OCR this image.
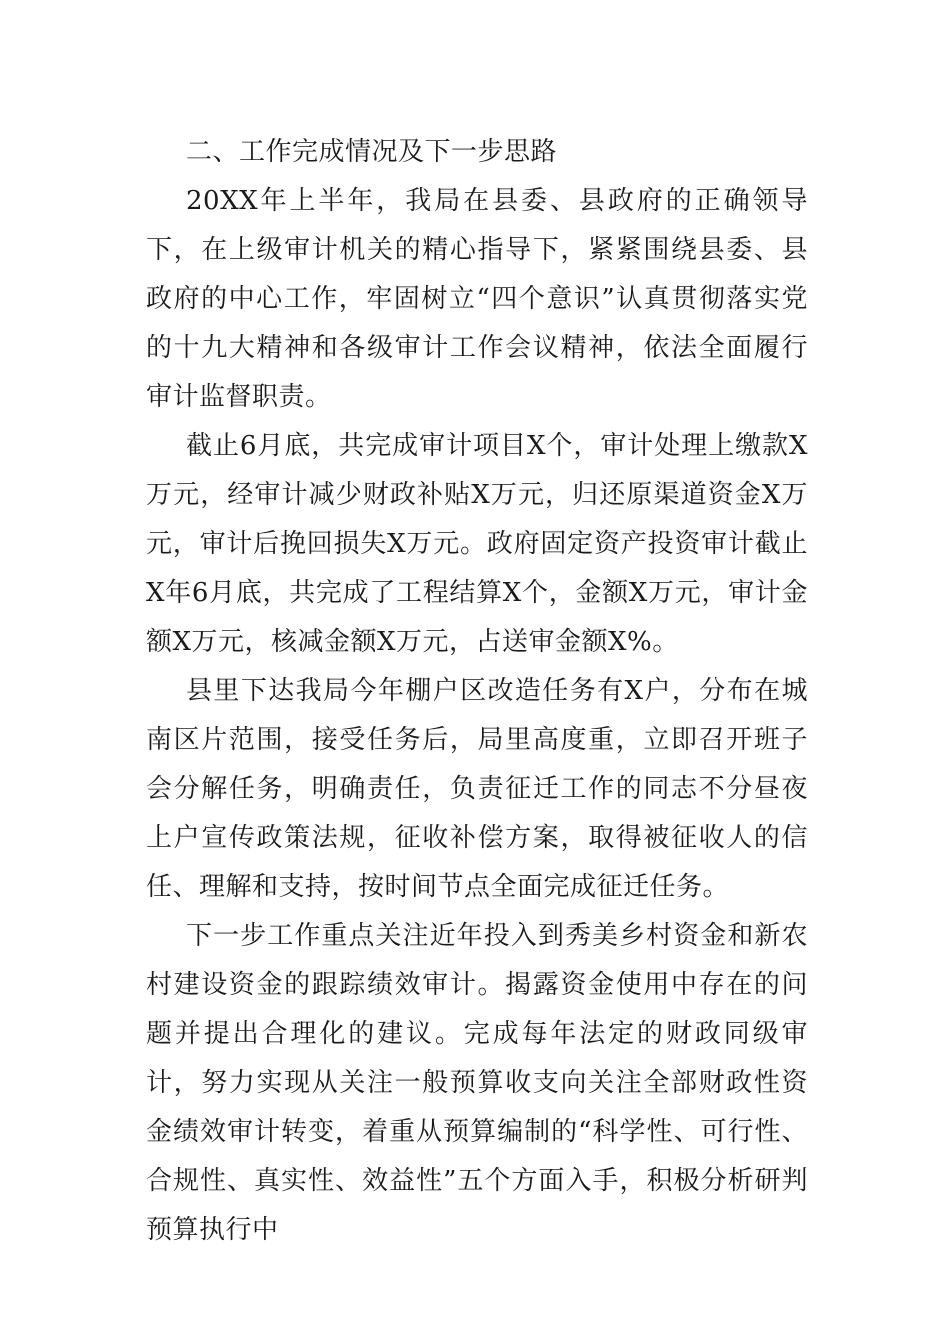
二、工作完成情况及下一步思路

20XX年上半年，我局在县委、县政府的正确领导下，在上级审计机关的精心指导下，紧紧围绕县委、县政府的中心工作，牢固树立“四个意识”认真贯彻落实党的十九大精神和各级审计工作会议精神，依法全面履行审计监督职责。

截止6月底，共完成审计项目X个，审计处理上缴款X万元，经审计减少财政补贴X万元，归还原渠道资金X万元，审计后挽回损失X万元。政府固定资产投资审计截止X年6月底，共完成了工程结算X个，金额X万元，审计金额X万元，核减金额X万元，占送审金额X%。

县里下达我局今年棚户区改造任务有X户，分布在城南区片范围，接受任务后，局里高度重，立即召开班子会分解任务，明确责任，负责征迁工作的同志不分昼夜上户宣传政策法规，征收补偿方案，取得被征收人的信任、理解和支持，按时间节点全面完成征迁任务。

下一步工作重点关注近年投入到秀美乡村资金和新农村建设资金的跟踪绩效审计。揭露资金使用中存在的问题并提出合理化的建议。完成每年法定的财政同级审计，努力实现从关注一般预算收支向关注全部财政性资金绩效审计转变，着重从预算编制的“科学性、可行性、合规性、真实性、效益性”五个方面入手，积极分析研判预算执行中
